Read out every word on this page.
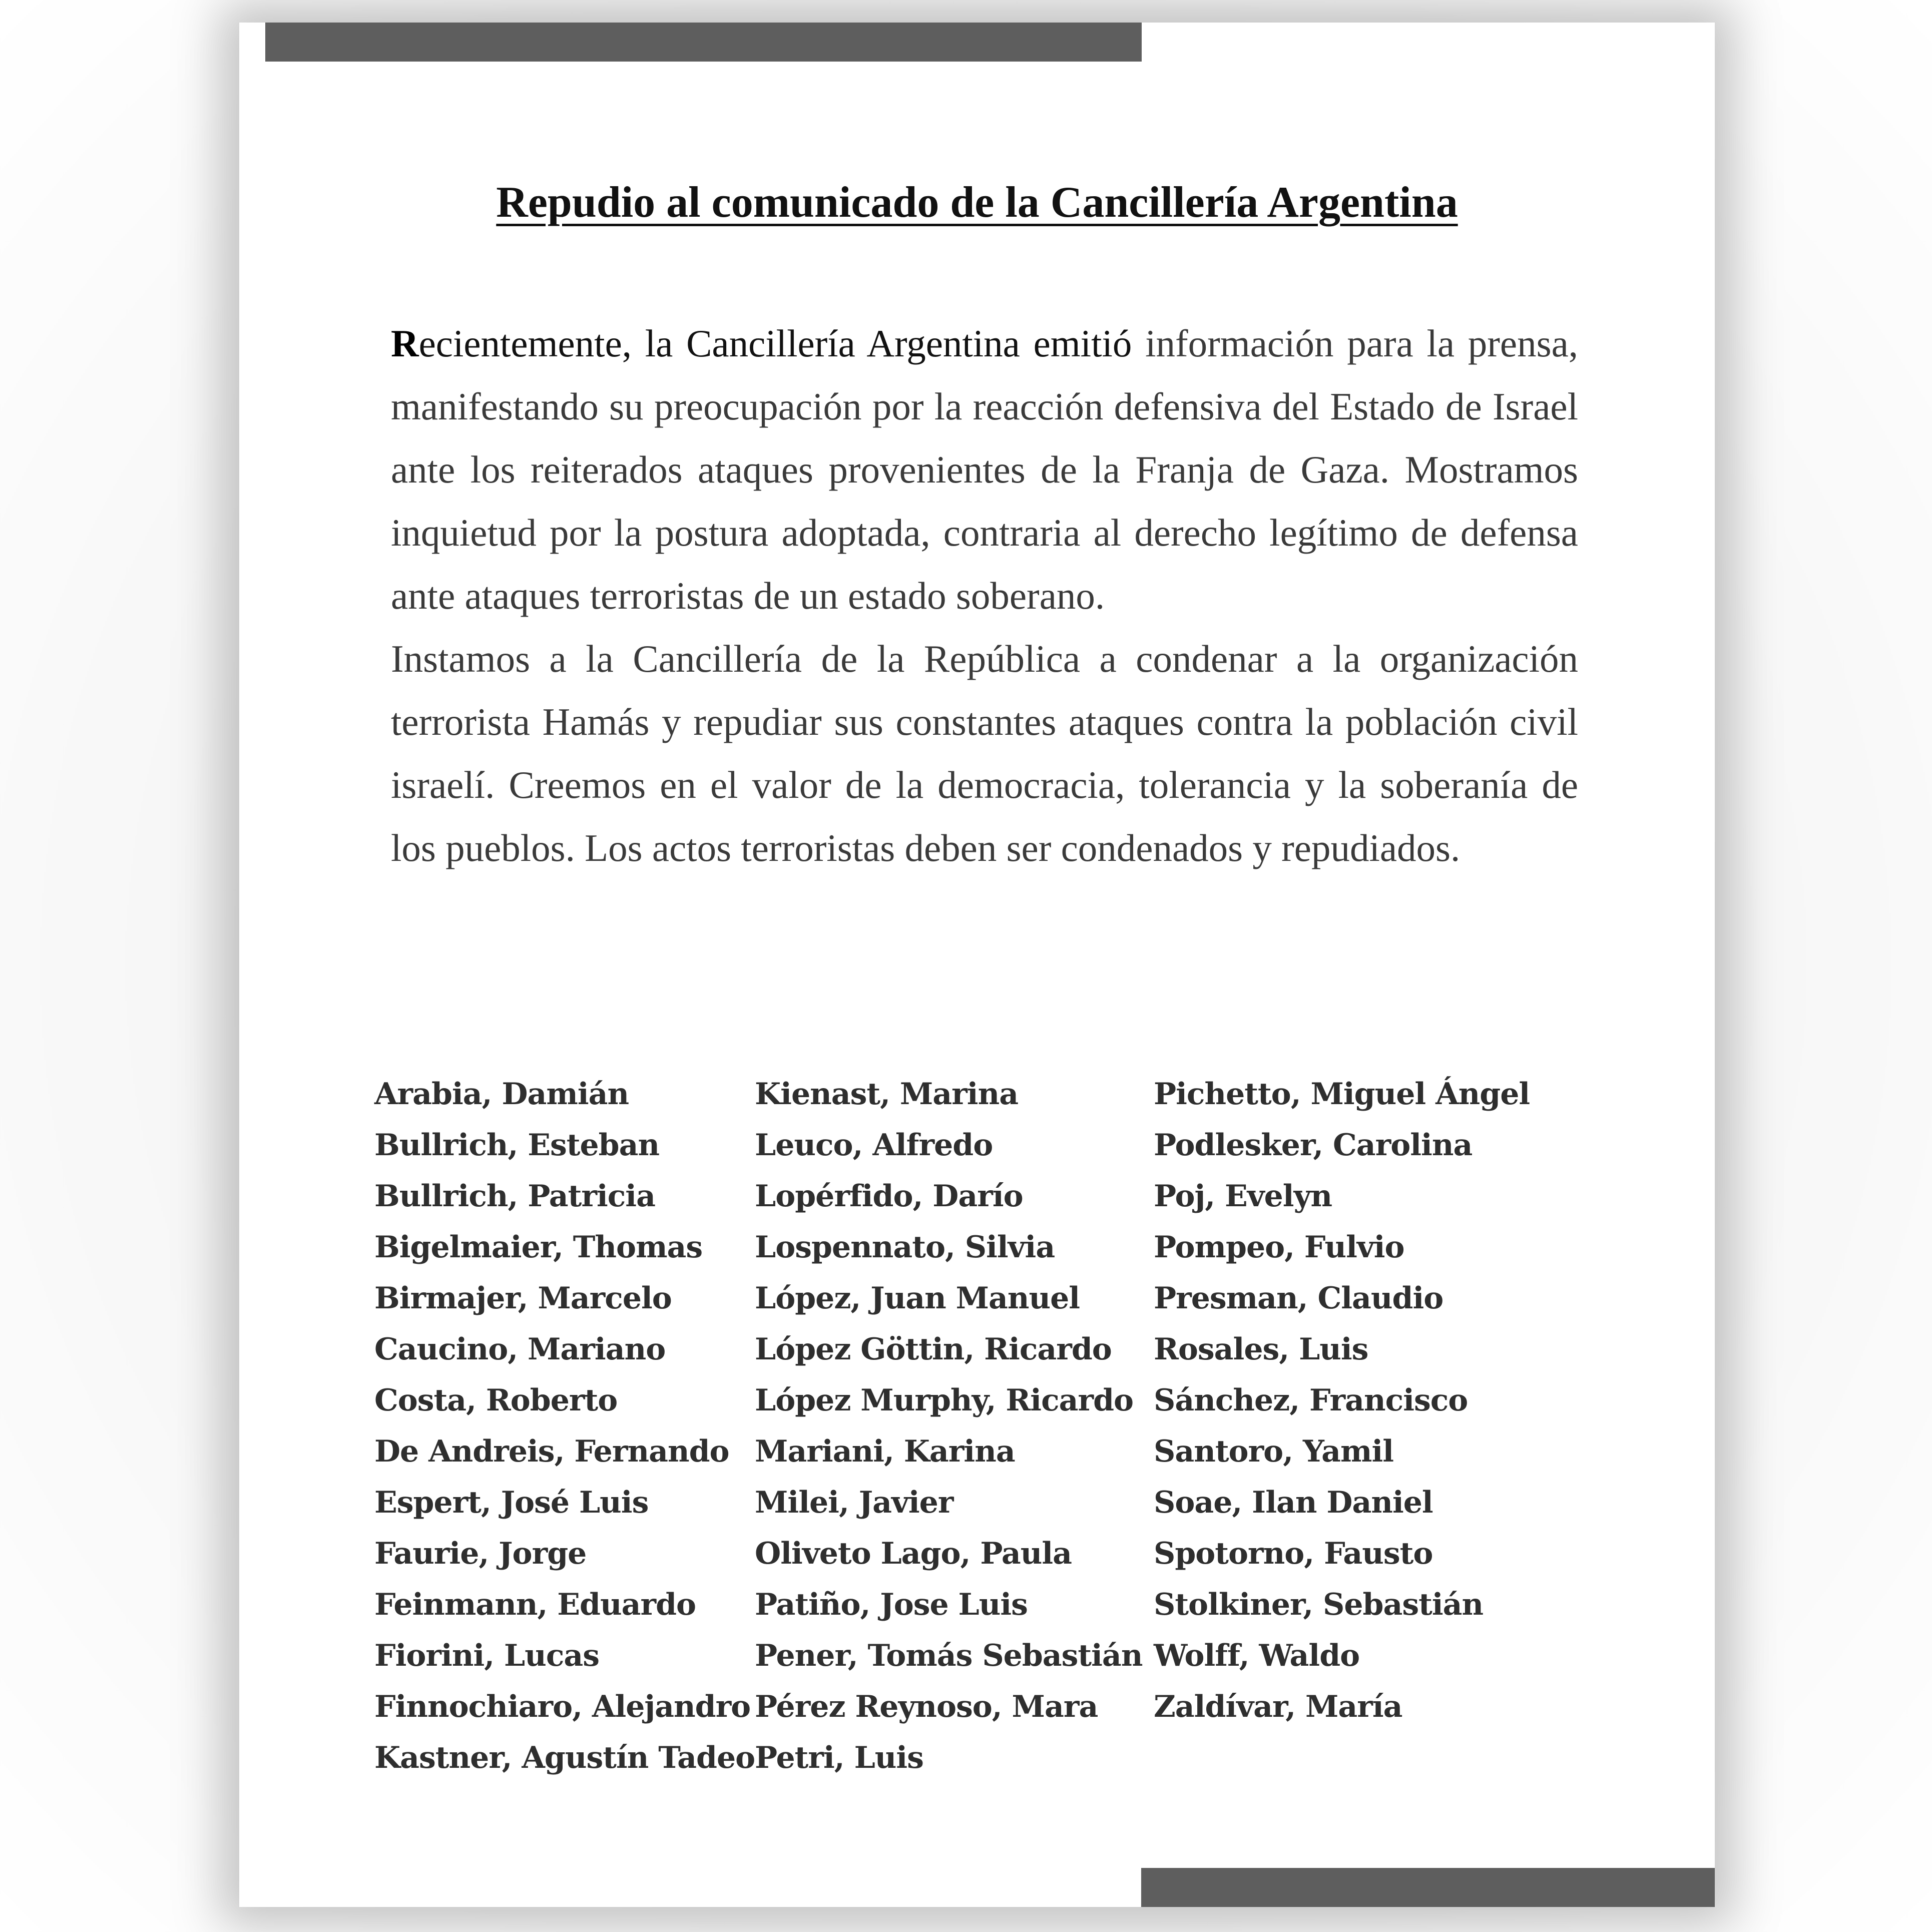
Repudio al comunicado de la Cancillería Argentina

Recientemente, la Cancillería Argentina emitió información para la prensa, manifestando su preocupación por la reacción defensiva del Estado de Israel ante los reiterados ataques provenientes de la Franja de Gaza. Mostramos inquietud por la postura adoptada, contraria al derecho legítimo de defensa ante ataques terroristas de un estado soberano.

Instamos a la Cancillería de la República a condenar a la organización terrorista Hamás y repudiar sus constantes ataques contra la población civil israelí. Creemos en el valor de la democracia, tolerancia y la soberanía de los pueblos. Los actos terroristas deben ser condenados y repudiados.

Arabia, Damián
Bullrich, Esteban
Bullrich, Patricia
Bigelmaier, Thomas
Birmajer, Marcelo
Caucino, Mariano
Costa, Roberto
De Andreis, Fernando
Espert, José Luis
Faurie, Jorge
Feinmann, Eduardo
Fiorini, Lucas
Finnochiaro, Alejandro
Kastner, Agustín Tadeo
Kienast, Marina
Leuco, Alfredo
Lopérfido, Darío
Lospennato, Silvia
López, Juan Manuel
López Göttin, Ricardo
López Murphy, Ricardo
Mariani, Karina
Milei, Javier
Oliveto Lago, Paula
Patiño, Jose Luis
Pener, Tomás Sebastián
Pérez Reynoso, Mara
Petri, Luis
Pichetto, Miguel Ángel
Podlesker, Carolina
Poj, Evelyn
Pompeo, Fulvio
Presman, Claudio
Rosales, Luis
Sánchez, Francisco
Santoro, Yamil
Soae, Ilan Daniel
Spotorno, Fausto
Stolkiner, Sebastián
Wolff, Waldo
Zaldívar, María
